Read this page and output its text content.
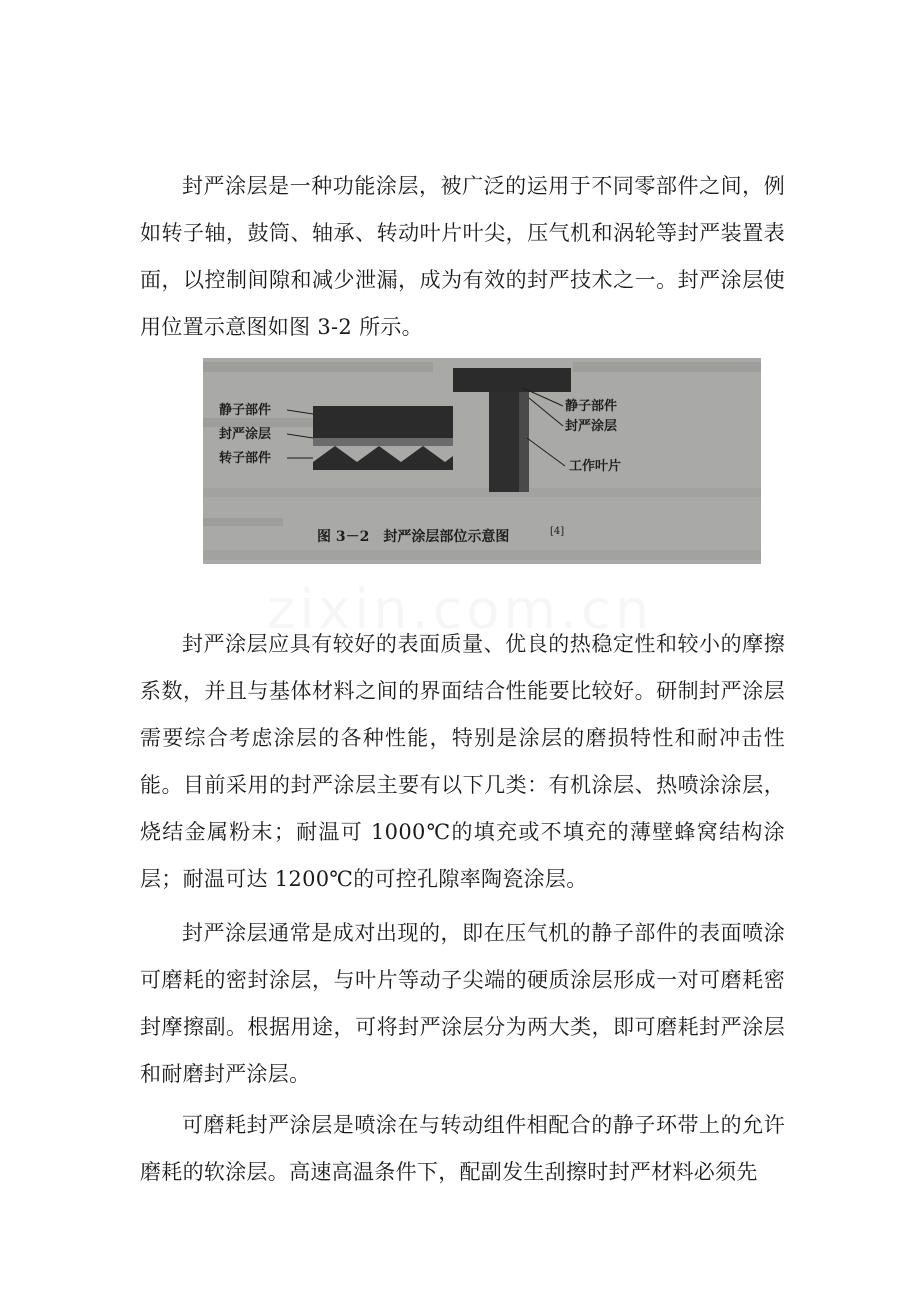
封严涂层是一种功能涂层，被广泛的运用于不同零部件之间，例如转子轴，鼓筒、轴承、转动叶片叶尖，压气机和涡轮等封严装置表面，以控制间隙和减少泄漏，成为有效的封严技术之一。封严涂层使用位置示意图如图 3-2 所示。

静子部件
封严涂层
转子部件
静子部件
封严涂层
工作叶片
图 3－2　封严涂层部位示意图	[4]

封严涂层应具有较好的表面质量、优良的热稳定性和较小的摩擦系数，并且与基体材料之间的界面结合性能要比较好。研制封严涂层需要综合考虑涂层的各种性能，特别是涂层的磨损特性和耐冲击性能。目前采用的封严涂层主要有以下几类：有机涂层、热喷涂涂层，烧结金属粉末；耐温可 1000℃的填充或不填充的薄壁蜂窝结构涂层；耐温可达 1200℃的可控孔隙率陶瓷涂层。

封严涂层通常是成对出现的，即在压气机的静子部件的表面喷涂可磨耗的密封涂层，与叶片等动子尖端的硬质涂层形成一对可磨耗密封摩擦副。根据用途，可将封严涂层分为两大类，即可磨耗封严涂层和耐磨封严涂层。

可磨耗封严涂层是喷涂在与转动组件相配合的静子环带上的允许磨耗的软涂层。高速高温条件下，配副发生刮擦时封严材料必须先
